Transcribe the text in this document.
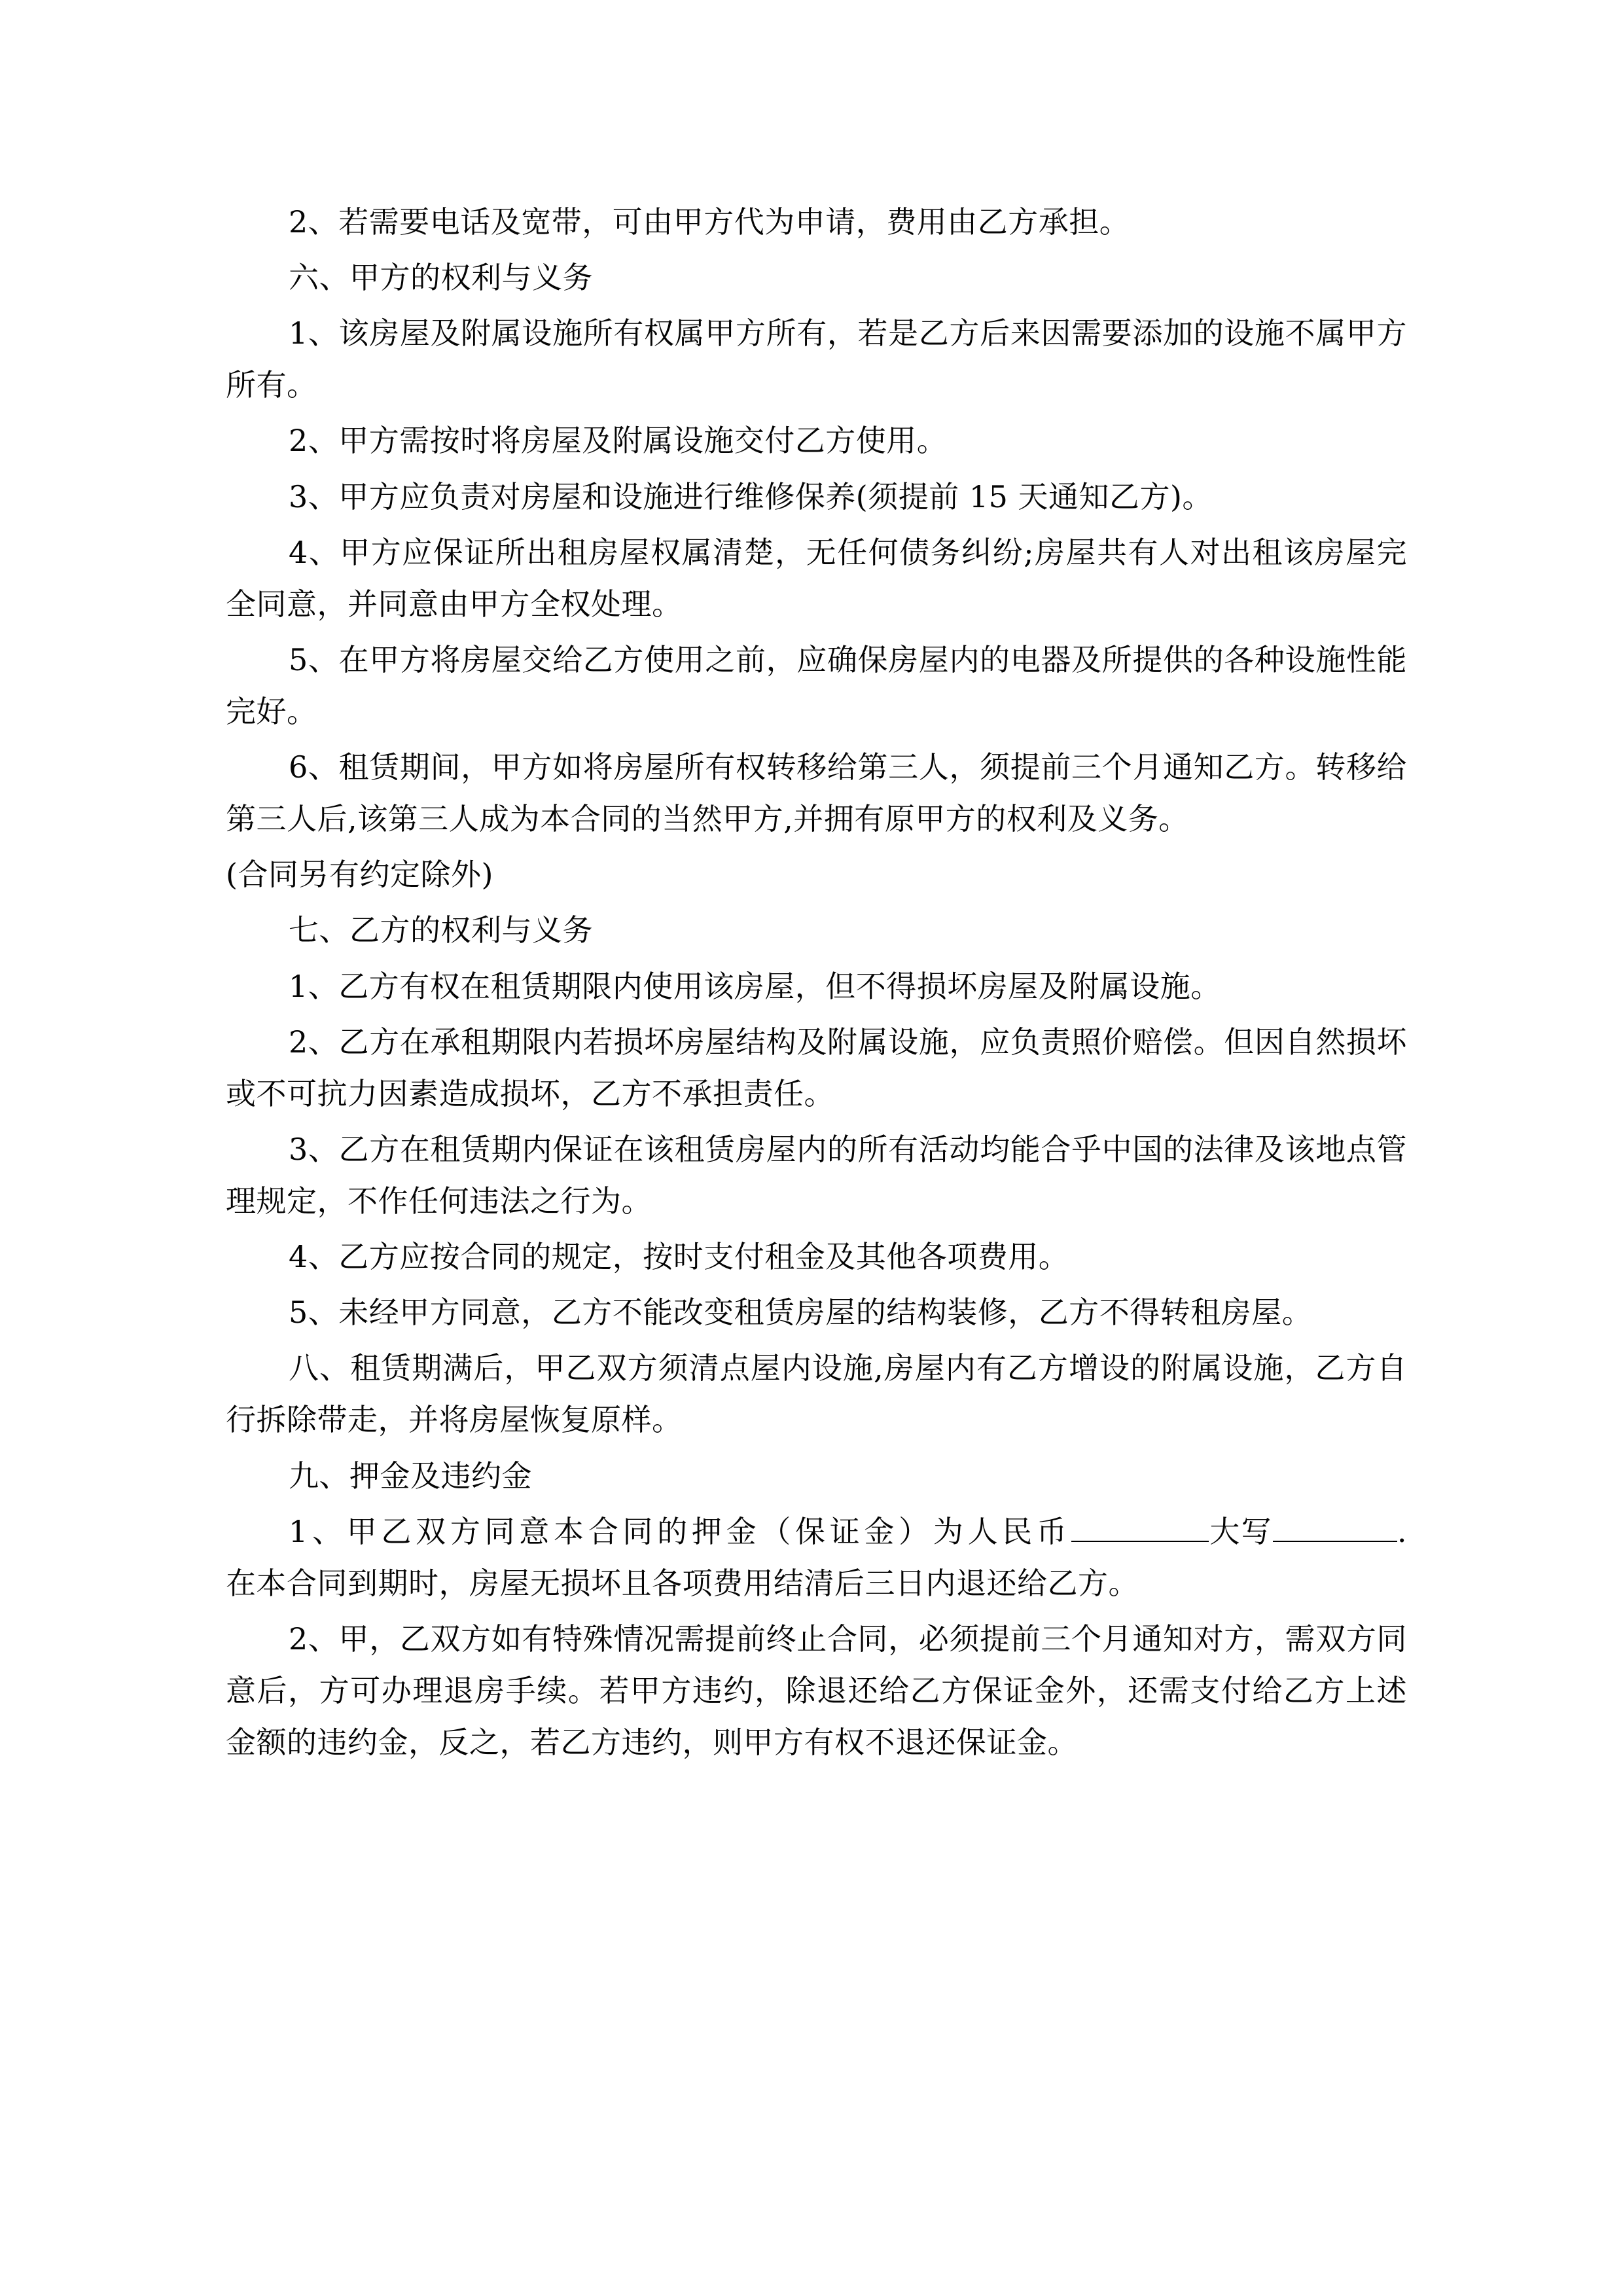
2、若需要电话及宽带，可由甲方代为申请，费用由乙方承担。

六、甲方的权利与义务

1、该房屋及附属设施所有权属甲方所有，若是乙方后来因需要添加的设施不属甲方所有。

2、甲方需按时将房屋及附属设施交付乙方使用。

3、甲方应负责对房屋和设施进行维修保养(须提前 15 天通知乙方)。

4、甲方应保证所出租房屋权属清楚，无任何债务纠纷;房屋共有人对出租该房屋完全同意，并同意由甲方全权处理。

5、在甲方将房屋交给乙方使用之前，应确保房屋内的电器及所提供的各种设施性能完好。

6、租赁期间，甲方如将房屋所有权转移给第三人，须提前三个月通知乙方。转移给第三人后,该第三人成为本合同的当然甲方,并拥有原甲方的权利及义务。

(合同另有约定除外)

七、乙方的权利与义务

1、乙方有权在租赁期限内使用该房屋，但不得损坏房屋及附属设施。

2、乙方在承租期限内若损坏房屋结构及附属设施，应负责照价赔偿。但因自然损坏或不可抗力因素造成损坏，乙方不承担责任。

3、乙方在租赁期内保证在该租赁房屋内的所有活动均能合乎中国的法律及该地点管理规定，不作任何违法之行为。

4、乙方应按合同的规定，按时支付租金及其他各项费用。

5、未经甲方同意，乙方不能改变租赁房屋的结构装修，乙方不得转租房屋。

八、租赁期满后，甲乙双方须清点屋内设施,房屋内有乙方增设的附属设施，乙方自行拆除带走，并将房屋恢复原样。

九、押金及违约金

1、甲乙双方同意本合同的押金（保证金）为人民币	大写	.在本合同到期时，房屋无损坏且各项费用结清后三日内退还给乙方。

2、甲，乙双方如有特殊情况需提前终止合同，必须提前三个月通知对方，需双方同意后，方可办理退房手续。若甲方违约，除退还给乙方保证金外，还需支付给乙方上述金额的违约金，反之，若乙方违约，则甲方有权不退还保证金。
